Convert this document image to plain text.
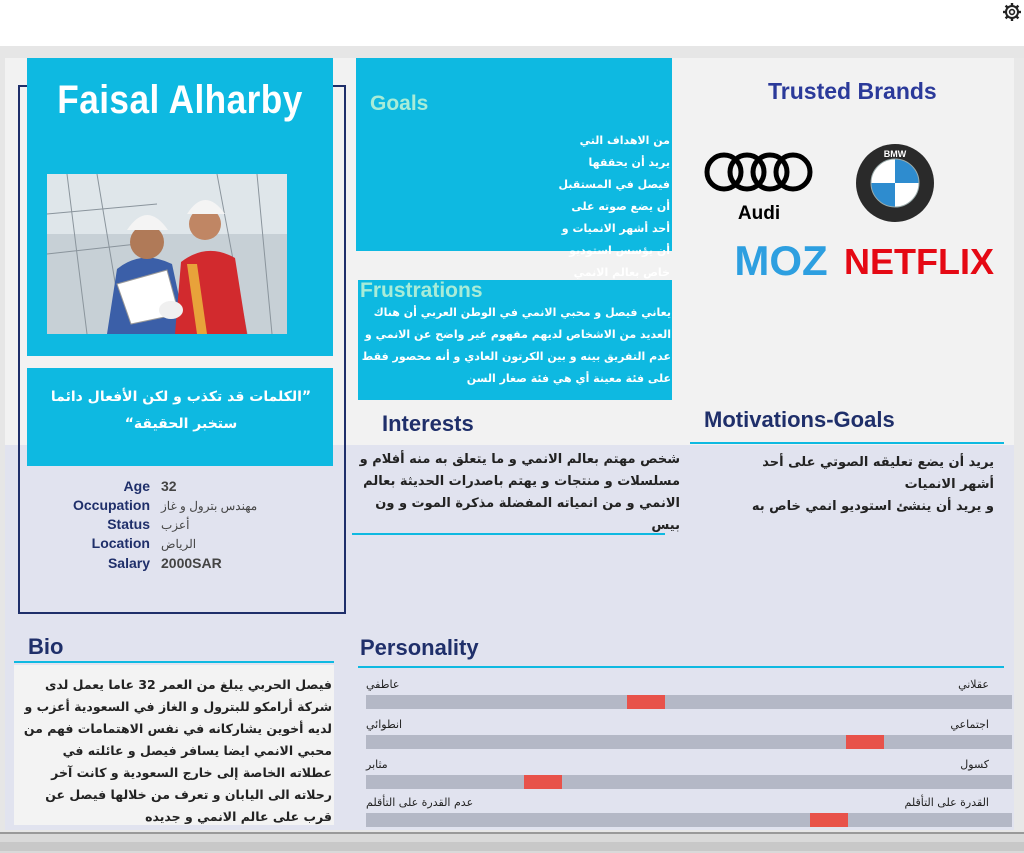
Faisal Alharby
”الكلمات قد تكذب و لكن الأفعال دائما ستخبر الحقيقة“
Age 32
Occupation مهندس بترول و غاز
Status أعزب
Location الرياض
Salary 2000SAR
Goals
من الاهداف التي يريد أن يحققها فيصل في المستقبل أن يضع صوته على أحد أشهر الانميات و أن يؤسس استوديو خاص بعالم الانمي
Frustrations
يعاني فيصل و محبي الانمي في الوطن العربي أن هناك العديد من الاشخاص لديهم مفهوم غير واضح عن الانمي و عدم التفريق بينه و بين الكرتون العادي و أنه محصور فقط على فئة معينة أي هي فئة صغار السن
Trusted Brands
Audi
BMW
MOZ NETFLIX
Interests
شخص مهتم بعالم الانمي و ما يتعلق به منه أفلام و مسلسلات و منتجات و يهتم باصدرات الحديثة بعالم الانمي و من انمياته المفضلة مذكرة الموت و ون بيس
Motivations-Goals
يريد أن يضع تعليقه الصوتي على أحد أشهر الانميات
و يريد أن ينشئ استوديو انمي خاص به
Bio
فيصل الحربي يبلغ من العمر 32 عاما يعمل لدى شركة أرامكو للبترول و الغاز في السعودية أعزب و لديه أخوين يشاركانه في نفس الاهتمامات فهم من محبي الانمي ايضا يسافر فيصل و عائلته في عطلاته الخاصة إلى خارج السعودية و كانت آخر رحلاته الى اليابان و تعرف من خلالها فيصل عن قرب على عالم الانمي و جديده
Personality
عاطفي	عقلاني
انطوائي	اجتماعي
مثابر	كسول
عدم القدرة على التأقلم	القدرة على التأقلم
